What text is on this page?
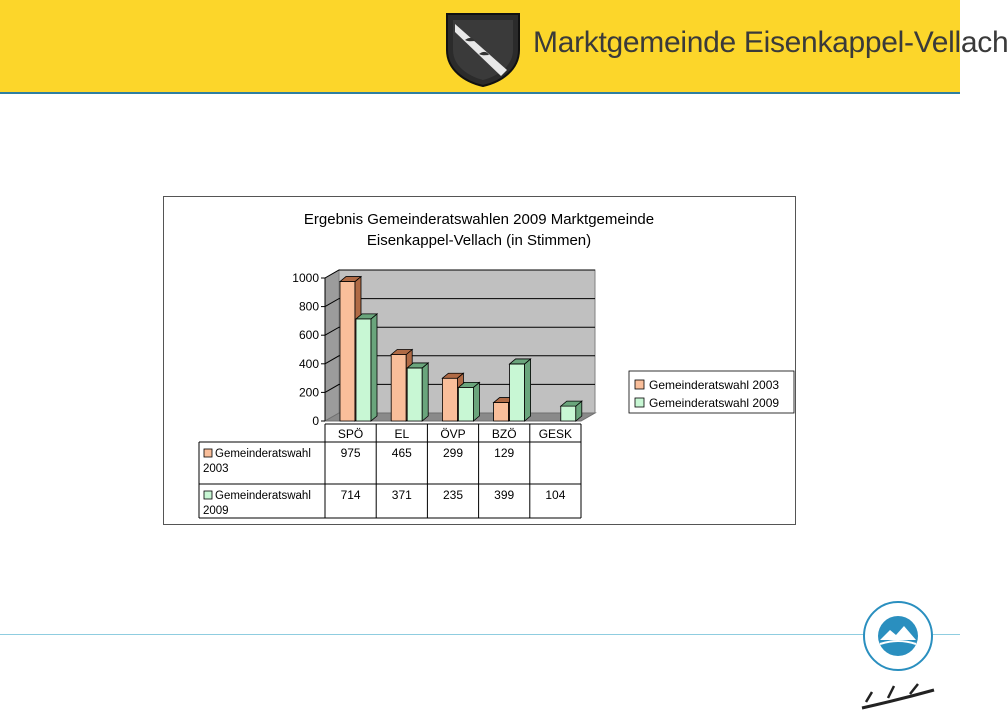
Marktgemeinde Eisenkappel-Vellach
Ergebnis Gemeinderatswahlen 2009 Marktgemeinde
Eisenkappel-Vellach (in Stimmen)
0
200
400
600
800
1000
SPÖ	EL	ÖVP BZÖ GESK
Gemeinderatswahl
2003
975	465	299	129
Gemeinderatswahl
2009
714	371	235	399	104
Gemeinderatswahl 2003
Gemeinderatswahl 2009
